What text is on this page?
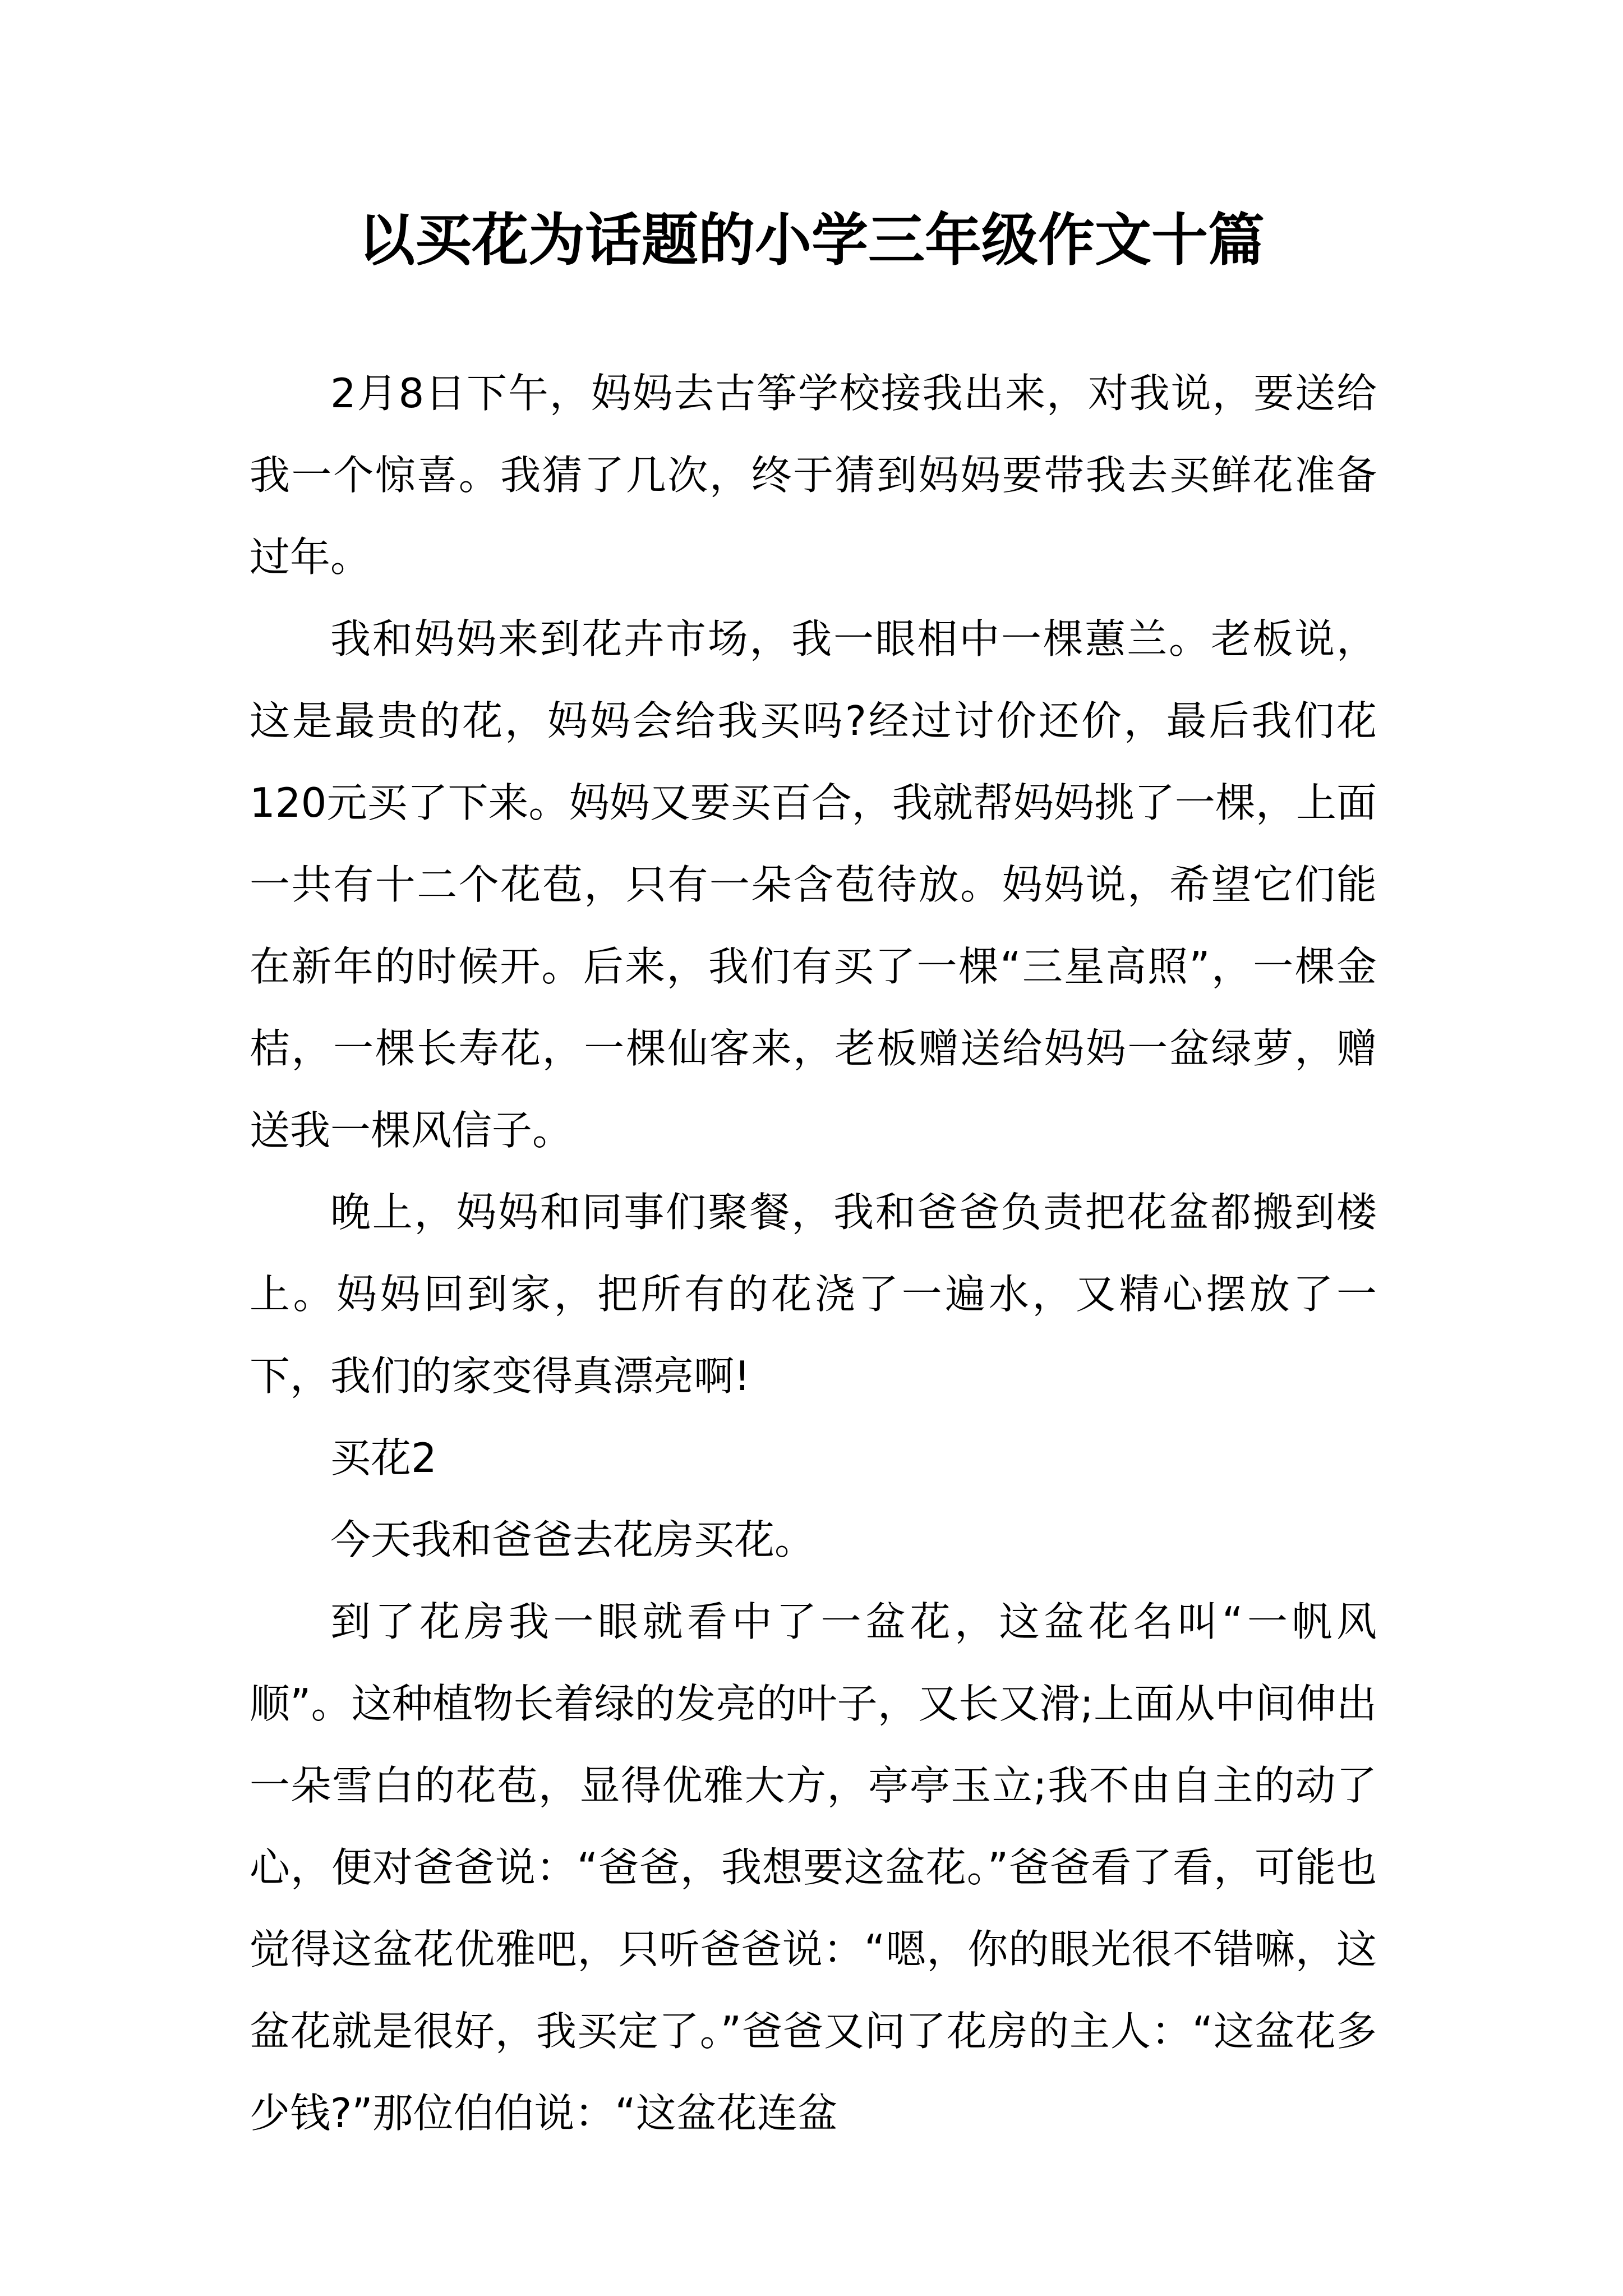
以买花为话题的小学三年级作文十篇

2月8日下午，妈妈去古筝学校接我出来，对我说，要送给我一个惊喜。我猜了几次，终于猜到妈妈要带我去买鲜花准备过年。

我和妈妈来到花卉市场，我一眼相中一棵蕙兰。老板说，这是最贵的花，妈妈会给我买吗?经过讨价还价，最后我们花120元买了下来。妈妈又要买百合，我就帮妈妈挑了一棵，上面一共有十二个花苞，只有一朵含苞待放。妈妈说，希望它们能在新年的时候开。后来，我们有买了一棵“三星高照”，一棵金桔，一棵长寿花，一棵仙客来，老板赠送给妈妈一盆绿萝，赠送我一棵风信子。

晚上，妈妈和同事们聚餐，我和爸爸负责把花盆都搬到楼上。妈妈回到家，把所有的花浇了一遍水，又精心摆放了一下，我们的家变得真漂亮啊!

买花2

今天我和爸爸去花房买花。

到了花房我一眼就看中了一盆花，这盆花名叫“一帆风顺”。这种植物长着绿的发亮的叶子，又长又滑;上面从中间伸出一朵雪白的花苞，显得优雅大方，亭亭玉立;我不由自主的动了心，便对爸爸说：“爸爸，我想要这盆花。”爸爸看了看，可能也觉得这盆花优雅吧，只听爸爸说：“嗯，你的眼光很不错嘛，这盆花就是很好，我买定了。”爸爸又问了花房的主人：“这盆花多少钱?”那位伯伯说：“这盆花连盆
